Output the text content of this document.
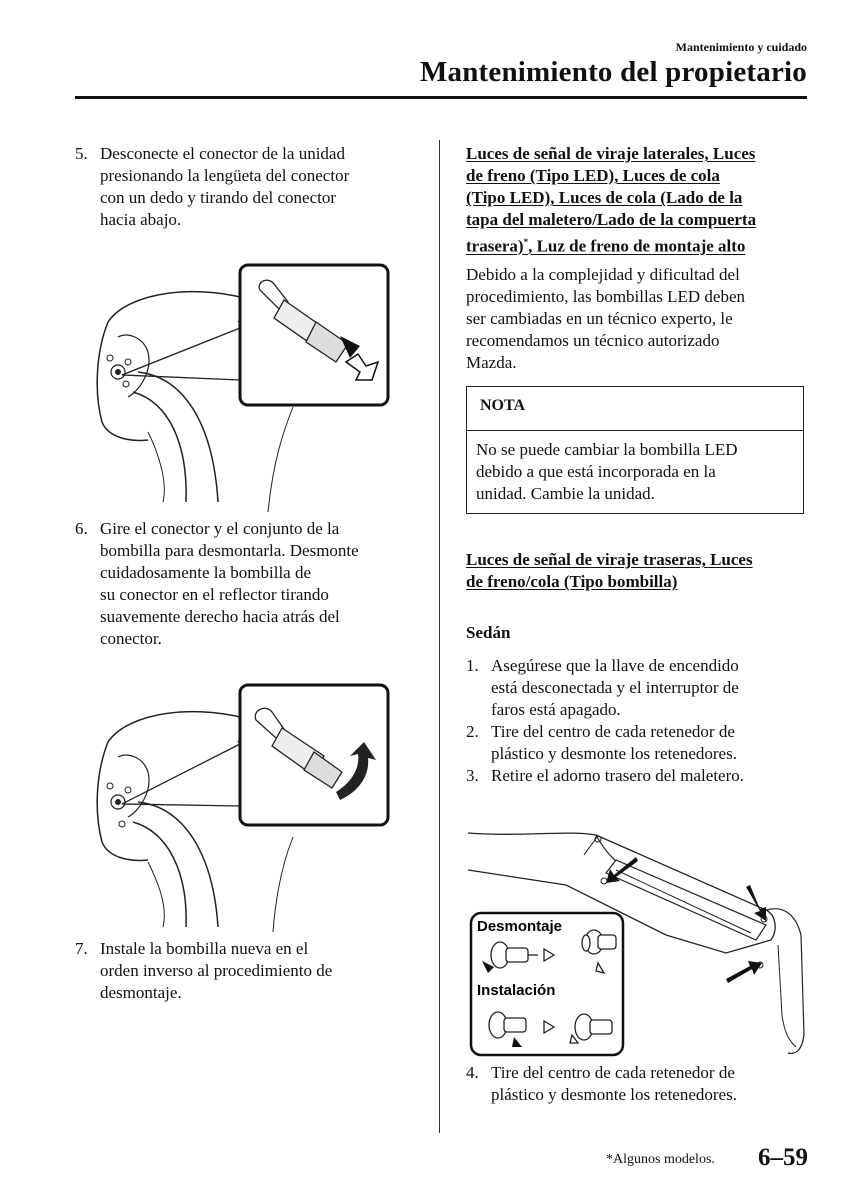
Mantenimiento y cuidado
Mantenimiento del propietario
5. Desconecte el conector de la unidad
presionando la lengüeta del conector
con un dedo y tirando del conector
hacia abajo.
6. Gire el conector y el conjunto de la
bombilla para desmontarla. Desmonte
cuidadosamente la bombilla de
su conector en el reflector tirando
suavemente derecho hacia atrás del
conector.
7. Instale la bombilla nueva en el
orden inverso al procedimiento de
desmontaje.
Luces de señal de viraje laterales, Luces
de freno (Tipo LED), Luces de cola
(Tipo LED), Luces de cola (Lado de la
tapa del maletero/Lado de la compuerta
trasera)*, Luz de freno de montaje alto
Debido a la complejidad y dificultad del
procedimiento, las bombillas LED deben
ser cambiadas en un técnico experto, le
recomendamos un técnico autorizado
Mazda.
NOTA
No se puede cambiar la bombilla LED
debido a que está incorporada en la
unidad. Cambie la unidad.
Luces de señal de viraje traseras, Luces
de freno/cola (Tipo bombilla)
Sedán
1. Asegúrese que la llave de encendido
está desconectada y el interruptor de
faros está apagado.
2. Tire del centro de cada retenedor de
plástico y desmonte los retenedores.
3. Retire el adorno trasero del maletero.
Desmontaje
Instalación
4. Tire del centro de cada retenedor de
plástico y desmonte los retenedores.
*Algunos modelos. 6–59
